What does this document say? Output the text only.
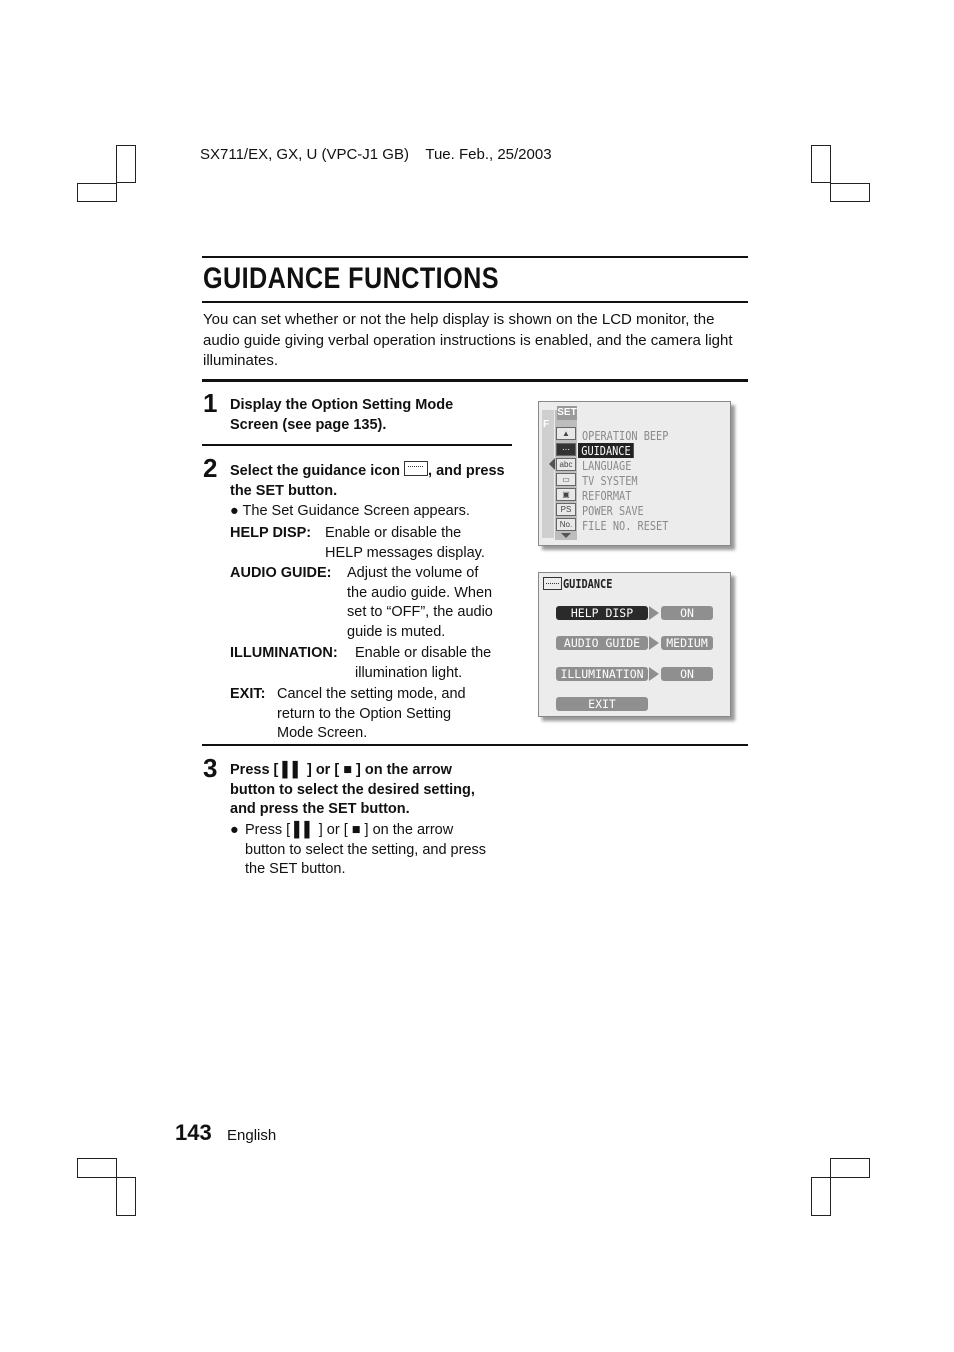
SX711/EX, GX, U (VPC-J1 GB)    Tue. Feb., 25/2003
GUIDANCE FUNCTIONS
You can set whether or not the help display is shown on the LCD monitor, the audio guide giving verbal operation instructions is enabled, and the camera light illuminates.
1 Display the Option Setting Mode Screen (see page 135).
2 Select the guidance icon , and press the SET button.
● The Set Guidance Screen appears.
HELP DISP: Enable or disable the
HELP messages display.
AUDIO GUIDE: Adjust the volume of
the audio guide. When
set to “OFF”, the audio
guide is muted.
ILLUMINATION: Enable or disable the
illumination light.
EXIT: Cancel the setting mode, and
return to the Option Setting
Mode Screen.
3 Press [ ▌▌ ] or [ ■ ] on the arrow
button to select the desired setting,
and press the SET button.
● Press [ ▌▌ ] or [ ■ ] on the arrow
button to select the setting, and press
the SET button.
F
SET
▲
⋯
abc
▭
▣
PS
No.
OPERATION BEEP
GUIDANCE
LANGUAGE
TV SYSTEM
REFORMAT
POWER SAVE
FILE NO. RESET
GUIDANCE
HELP DISP	ON
AUDIO GUIDE	MEDIUM
ILLUMINATION	ON
EXIT
143 English
